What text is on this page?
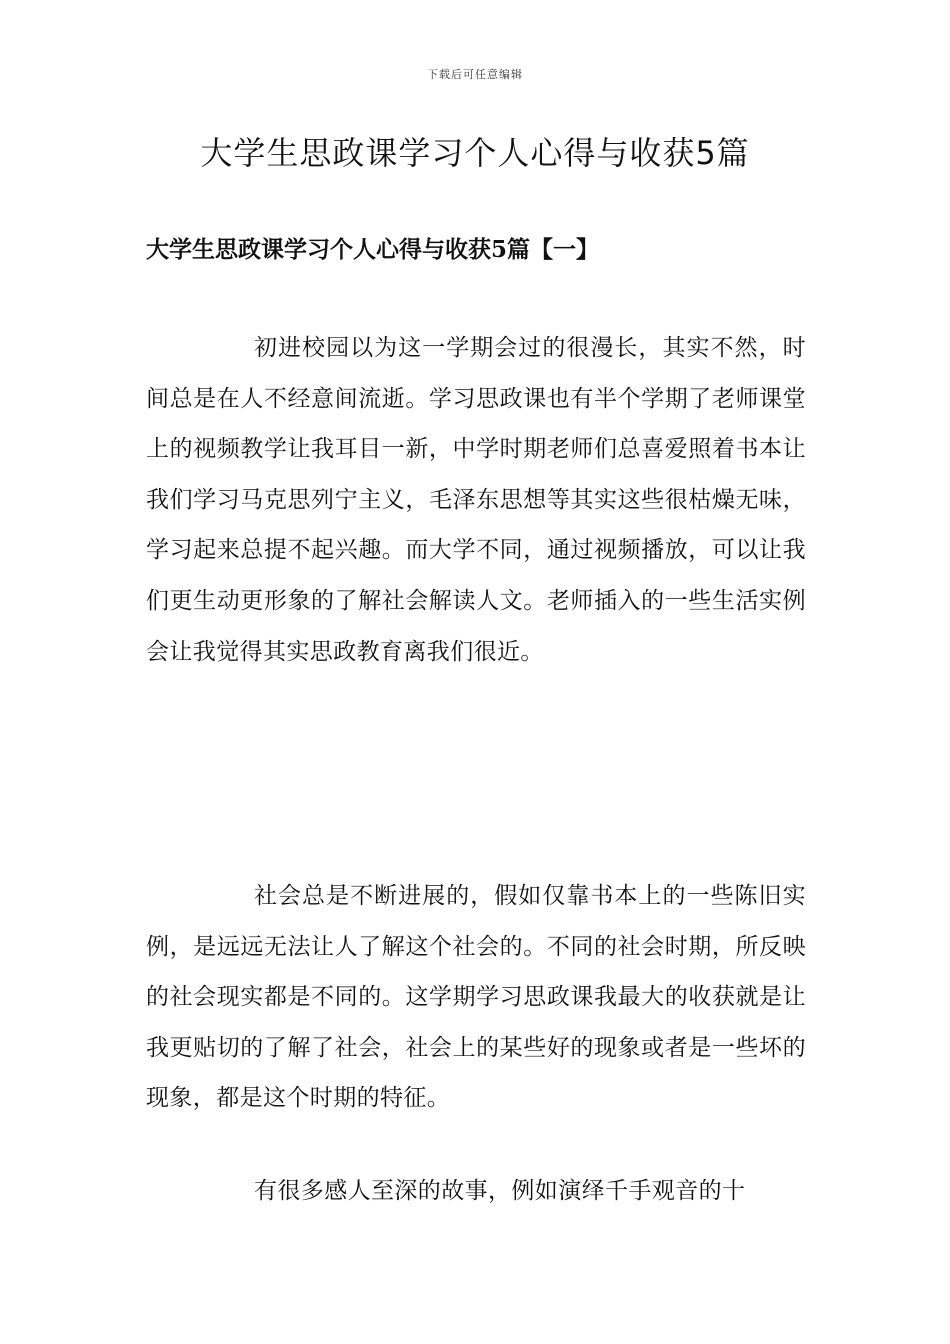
下载后可任意编辑
大学生思政课学习个人心得与收获5篇
大学生思政课学习个人心得与收获5篇【一】

初进校园以为这一学期会过的很漫长，其实不然，时间总是在人不经意间流逝。学习思政课也有半个学期了老师课堂上的视频教学让我耳目一新，中学时期老师们总喜爱照着书本让我们学习马克思列宁主义，毛泽东思想等其实这些很枯燥无味，学习起来总提不起兴趣。而大学不同，通过视频播放，可以让我们更生动更形象的了解社会解读人文。老师插入的一些生活实例会让我觉得其实思政教育离我们很近。

社会总是不断进展的，假如仅靠书本上的一些陈旧实例，是远远无法让人了解这个社会的。不同的社会时期，所反映的社会现实都是不同的。这学期学习思政课我最大的收获就是让我更贴切的了解了社会，社会上的某些好的现象或者是一些坏的现象，都是这个时期的特征。

有很多感人至深的故事，例如演绎千手观音的十
